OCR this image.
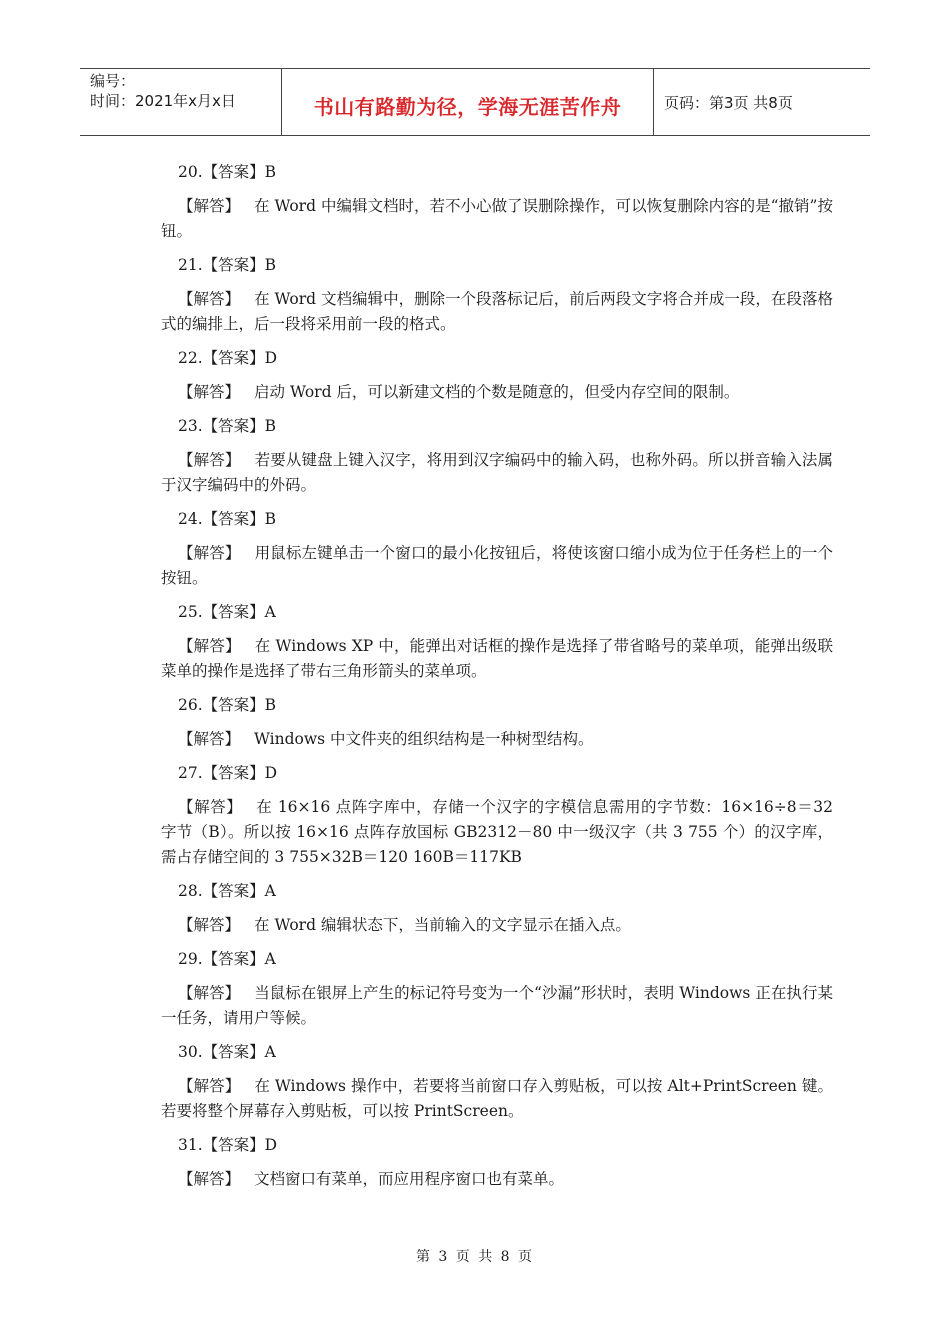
编号：
时间：2021年x月x日	书山有路勤为径，学海无涯苦作舟	页码：第3页 共8页

20.【答案】B

【解答】 在 Word 中编辑文档时，若不小心做了误删除操作，可以恢复删除内容的是“撤销”按钮。

21.【答案】B

【解答】 在 Word 文档编辑中，删除一个段落标记后，前后两段文字将合并成一段，在段落格式的编排上，后一段将采用前一段的格式。

22.【答案】D

【解答】 启动 Word 后，可以新建文档的个数是随意的，但受内存空间的限制。

23.【答案】B

【解答】 若要从键盘上键入汉字，将用到汉字编码中的输入码，也称外码。所以拼音输入法属于汉字编码中的外码。

24.【答案】B

【解答】 用鼠标左键单击一个窗口的最小化按钮后，将使该窗口缩小成为位于任务栏上的一个按钮。

25.【答案】A

【解答】 在 Windows XP 中，能弹出对话框的操作是选择了带省略号的菜单项，能弹出级联菜单的操作是选择了带右三角形箭头的菜单项。

26.【答案】B

【解答】 Windows 中文件夹的组织结构是一种树型结构。

27.【答案】D

【解答】 在 16×16 点阵字库中，存储一个汉字的字模信息需用的字节数：16×16÷8＝32 字节（B）。所以按 16×16 点阵存放国标 GB2312－80 中一级汉字（共 3 755 个）的汉字库，需占存储空间的 3 755×32B＝120 160B＝117KB

28.【答案】A

【解答】 在 Word 编辑状态下，当前输入的文字显示在插入点。

29.【答案】A

【解答】 当鼠标在银屏上产生的标记符号变为一个“沙漏”形状时，表明 Windows 正在执行某一任务，请用户等候。

30.【答案】A

【解答】 在 Windows 操作中，若要将当前窗口存入剪贴板，可以按 Alt+PrintScreen 键。若要将整个屏幕存入剪贴板，可以按 PrintScreen。

31.【答案】D

【解答】 文档窗口有菜单，而应用程序窗口也有菜单。

第 3 页 共 8 页
